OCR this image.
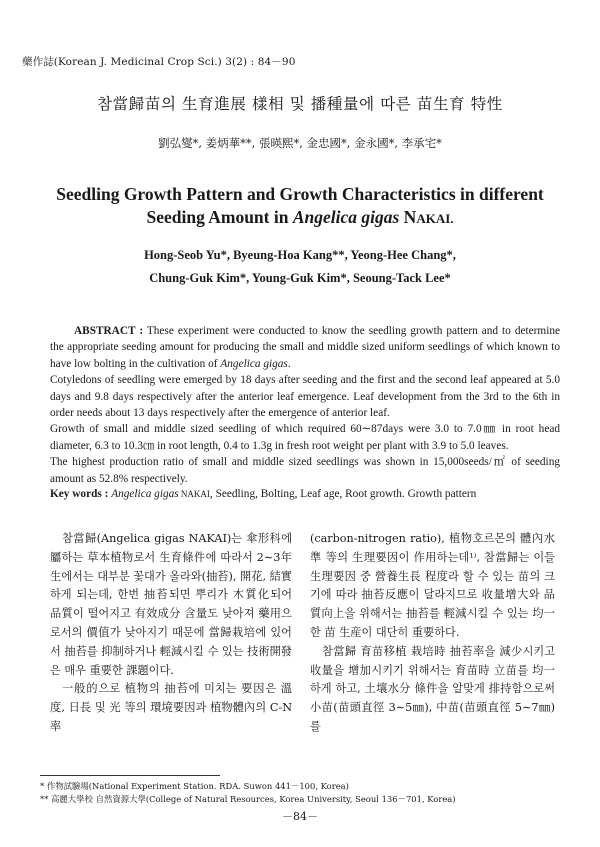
藥作誌(Korean J. Medicinal Crop Sci.) 3(2) : 84－90
참當歸苗의 生育進展 樣相 및 播種量에 따른 苗生育 特性
劉弘燮*, 姜炳華**, 張暎熙*, 金忠國*, 金永國*, 李承宅*
Seedling Growth Pattern and Growth Characteristics in different
Seeding Amount in Angelica gigas NAKAI.
Hong-Seob Yu*, Byeung-Hoa Kang**, Yeong-Hee Chang*,
Chung-Guk Kim*, Young-Guk Kim*, Seoung-Tack Lee*

ABSTRACT : These experiment were conducted to know the seedling growth pattern and to determine the appropriate seeding amount for producing the small and middle sized uniform seedlings of which known to have low bolting in the cultivation of Angelica gigas.

Cotyledons of seedling were emerged by 18 days after seeding and the first and the second leaf appeared at 5.0 days and 9.8 days respectively after the anterior leaf emergence. Leaf development from the 3rd to the 6th in order needs about 13 days respectively after the emergence of anterior leaf.

Growth of small and middle sized seedling of which required 60∼87days were 3.0 to 7.0㎜ in root head diameter, 6.3 to 10.3㎝ in root length, 0.4 to 1.3g in fresh root weight per plant with 3.9 to 5.0 leaves.

The highest production ratio of small and middle sized seedlings was shown in 15,000seeds/㎡ of seeding amount as 52.8% respectively.

Key words : Angelica gigas NAKAI, Seedling, Bolting, Leaf age, Root growth. Growth pattern

참當歸(Angelica gigas NAKAI)는 傘形科에 屬하는 草本植物로서 生育條件에 따라서 2∼3年生에서는 대부분 꽃대가 올라와(抽苔), 開花, 結實하게 되는데, 한번 抽苔되면 뿌리가 木質化되어 品質이 떨어지고 有效成分 含量도 낮아져 藥用으로서의 價值가 낮아지기 때문에 當歸栽培에 있어서 抽苔를 抑制하거나 輕減시킬 수 있는 技術開發은 매우 重要한 課題이다.

一般的으로 植物의 抽苔에 미치는 要因은 溫度, 日長 및 光 等의 環境要因과 植物體內의 C-N率

(carbon-nitrogen ratio), 植物호르몬의 體內水準 等의 生理要因이 作用하는데¹⁾, 참當歸는 이들 生理要因 중 營養生長 程度라 할 수 있는 苗의 크기에 따라 抽苔反應이 달라지므로 收量增大와 品質向上을 위해서는 抽苔를 輕減시킬 수 있는 均一한 苗 生産이 대단히 重要하다.

참當歸 育苗移植 栽培時 抽苔率을 減少시키고 收量을 增加시키기 위해서는 育苗時 立苗를 均一하게 하고, 土壤水分 條件을 알맞게 排持함으로써 小苗(苗頭直徑 3∼5㎜), 中苗(苗頭直徑 5∼7㎜)를

* 作物試驗場(National Experiment Station. RDA. Suwon 441－100, Korea)
** 高麗大學校 自然資源大學(College of Natural Resources, Korea University, Seoul 136－701, Korea)
－84－
